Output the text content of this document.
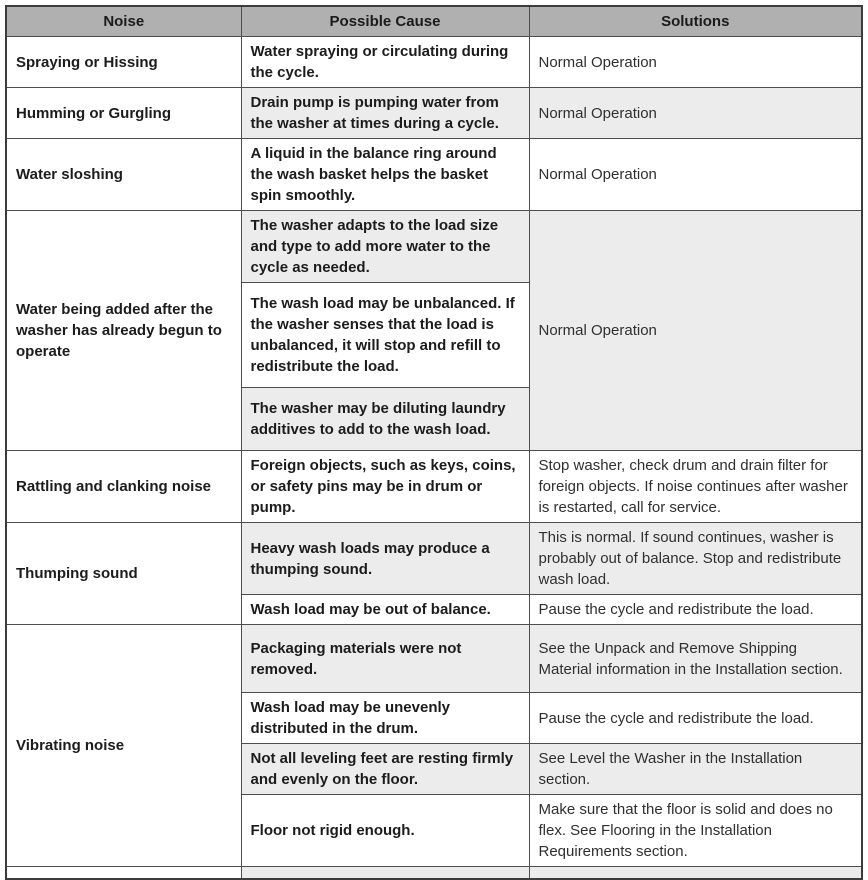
Noise	Possible Cause	Solutions
Spraying or Hissing	Water spraying or circulating during the cycle.	Normal Operation
Humming or Gurgling	Drain pump is pumping water from the washer at times during a cycle.	Normal Operation
Water sloshing	A liquid in the balance ring around the wash basket helps the basket spin smoothly.	Normal Operation
Water being added after the washer has already begun to operate	The washer adapts to the load size and type to add more water to the cycle as needed.	Normal Operation
	The wash load may be unbalanced. If the washer senses that the load is unbalanced, it will stop and refill to redistribute the load.	
	The washer may be diluting laundry additives to add to the wash load.	
Rattling and clanking noise	Foreign objects, such as keys, coins, or safety pins may be in drum or pump.	Stop washer, check drum and drain filter for foreign objects. If noise continues after washer is restarted, call for service.
Thumping sound	Heavy wash loads may produce a thumping sound.	This is normal. If sound continues, washer is probably out of balance. Stop and redistribute wash load.
	Wash load may be out of balance.	Pause the cycle and redistribute the load.
Vibrating noise	Packaging materials were not removed.	See the Unpack and Remove Shipping Material information in the Installation section.
	Wash load may be unevenly distributed in the drum.	Pause the cycle and redistribute the load.
	Not all leveling feet are resting firmly and evenly on the floor.	See Level the Washer in the Installation section.
	Floor not rigid enough.	Make sure that the floor is solid and does no flex. See Flooring in the Installation Requirements section.
